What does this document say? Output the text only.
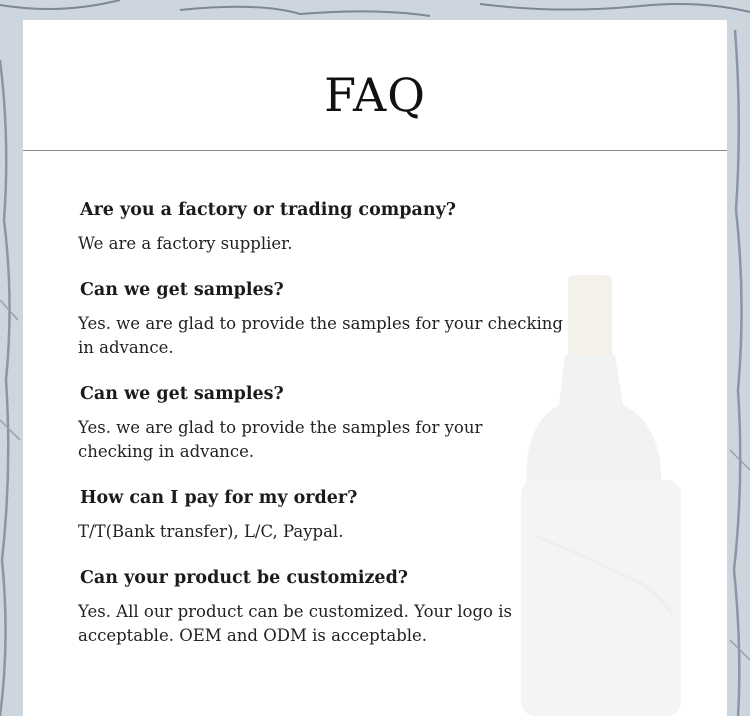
FAQ

Are you a factory or trading company?

We are a factory supplier.

Can we get samples?

Yes. we are glad to provide the samples for your checking in advance.

Can we get samples?

Yes. we are glad to provide the samples for your checking in advance.

How can I pay for my order?

T/T(Bank transfer), L/C, Paypal.

Can your product be customized?

Yes. All our product can be customized. Your logo is acceptable. OEM and ODM is acceptable.
